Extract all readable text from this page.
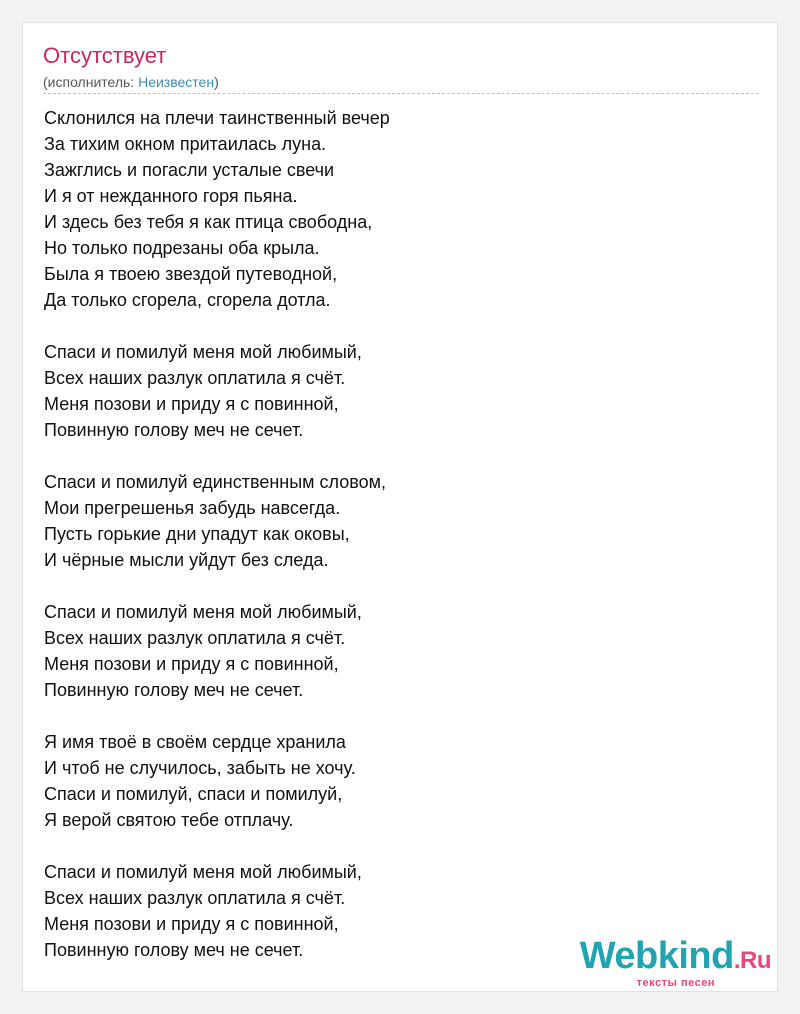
Отсутствует
(исполнитель: Неизвестен)
Склонился на плечи таинственный вечер
За тихим окном притаилась луна.
Зажглись и погасли усталые свечи
И я от нежданного горя пьяна.
И здесь без тебя я как птица свободна,
Но только подрезаны оба крыла.
Была я твоею звездой путеводной,
Да только сгорела, сгорела дотла.
Спаси и помилуй меня мой любимый,
Всех наших разлук оплатила я счёт.
Меня позови и приду я с повинной,
Повинную голову меч не сечет.
Спаси и помилуй единственным словом,
Мои прегрешенья забудь навсегда.
Пусть горькие дни упадут как оковы,
И чёрные мысли уйдут без следа.
Спаси и помилуй меня мой любимый,
Всех наших разлук оплатила я счёт.
Меня позови и приду я с повинной,
Повинную голову меч не сечет.
Я имя твоё в своём сердце хранила
И чтоб не случилось, забыть не хочу.
Спаси и помилуй, спаси и помилуй,
Я верой святою тебе отплачу.
Спаси и помилуй меня мой любимый,
Всех наших разлук оплатила я счёт.
Меня позови и приду я с повинной,
Повинную голову меч не сечет.	Webkind.Ru
тексты песен
